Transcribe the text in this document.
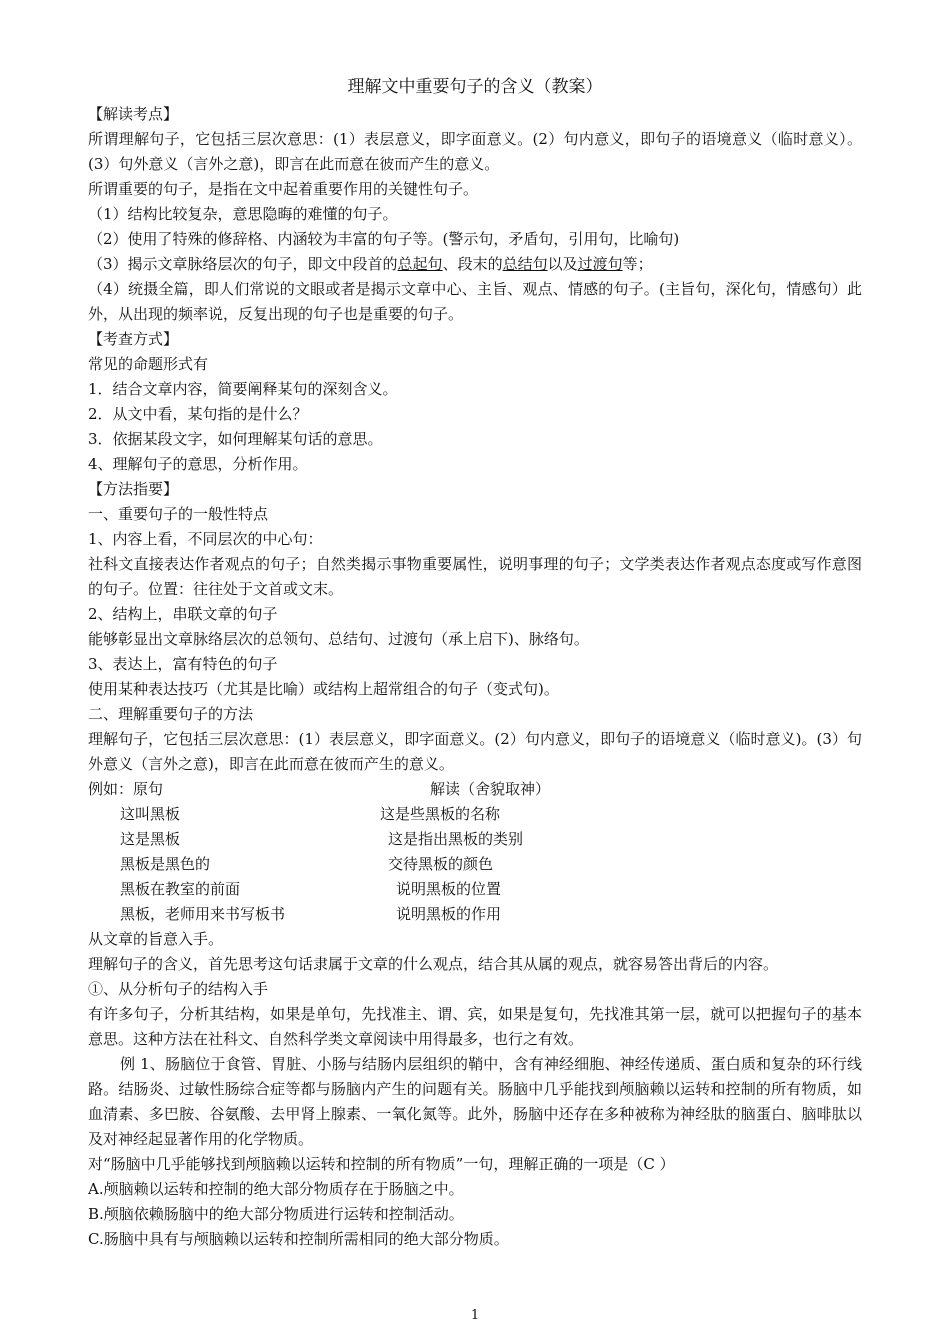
理解文中重要句子的含义（教案）
【解读考点】
所谓理解句子，它包括三层次意思：(1）表层意义，即字面意义。(2）句内意义，即句子的语境意义（临时意义）。(3）句外意义（言外之意)，即言在此而意在彼而产生的意义。
所谓重要的句子，是指在文中起着重要作用的关键性句子。
（1）结构比较复杂，意思隐晦的难懂的句子。
（2）使用了特殊的修辞格、内涵较为丰富的句子等。(警示句，矛盾句，引用句，比喻句)
（3）揭示文章脉络层次的句子，即文中段首的总起句、段末的总结句以及过渡句等；
（4）统摄全篇，即人们常说的文眼或者是揭示文章中心、主旨、观点、情感的句子。(主旨句，深化句，情感句）此外，从出现的频率说，反复出现的句子也是重要的句子。
【考查方式】
常见的命题形式有
1．结合文章内容，简要阐释某句的深刻含义。
2．从文中看，某句指的是什么？
3．依据某段文字，如何理解某句话的意思。
4、理解句子的意思，分析作用。
【方法指要】
一、重要句子的一般性特点
1、内容上看，不同层次的中心句：
社科文直接表达作者观点的句子；自然类揭示事物重要属性，说明事理的句子；文学类表达作者观点态度或写作意图的句子。位置：往往处于文首或文末。
2、结构上，串联文章的句子
能够彰显出文章脉络层次的总领句、总结句、过渡句（承上启下)、脉络句。
3、表达上，富有特色的句子
使用某种表达技巧（尤其是比喻）或结构上超常组合的句子（变式句)。
二、理解重要句子的方法
理解句子，它包括三层次意思：(1）表层意义，即字面意义。(2）句内意义，即句子的语境意义（临时意义)。(3）句外意义（言外之意)，即言在此而意在彼而产生的意义。
例如：原句	解读（舍貌取神）
这叫黑板	这是些黑板的名称
这是黑板	这是指出黑板的类别
黑板是黑色的	交待黑板的颜色
黑板在教室的前面	说明黑板的位置
黑板，老师用来书写板书	说明黑板的作用
从文章的旨意入手。
理解句子的含义，首先思考这句话隶属于文章的什么观点，结合其从属的观点，就容易答出背后的内容。
①、从分析句子的结构入手
有许多句子，分析其结构，如果是单句，先找准主、谓、宾，如果是复句，先找准其第一层，就可以把握句子的基本意思。这种方法在社科文、自然科学类文章阅读中用得最多，也行之有效。
例 1、肠脑位于食管、胃脏、小肠与结肠内层组织的鞘中，含有神经细胞、神经传递质、蛋白质和复杂的环行线路。结肠炎、过敏性肠综合症等都与肠脑内产生的问题有关。肠脑中几乎能找到颅脑赖以运转和控制的所有物质，如血清素、多巴胺、谷氨酸、去甲肾上腺素、一氧化氮等。此外，肠脑中还存在多种被称为神经肽的脑蛋白、脑啡肽以及对神经起显著作用的化学物质。
对“肠脑中几乎能够找到颅脑赖以运转和控制的所有物质”一句，理解正确的一项是（C ）
A.颅脑赖以运转和控制的绝大部分物质存在于肠脑之中。
B.颅脑依赖肠脑中的绝大部分物质进行运转和控制活动。
C.肠脑中具有与颅脑赖以运转和控制所需相同的绝大部分物质。
1
